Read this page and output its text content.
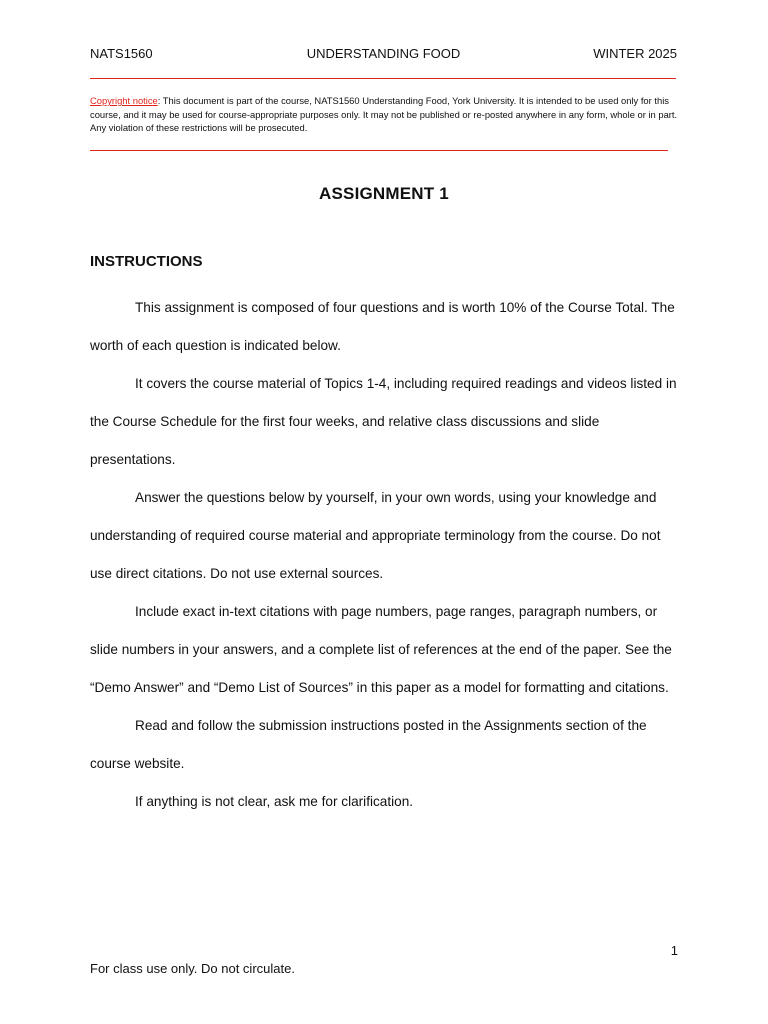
NATS1560	UNDERSTANDING FOOD	WINTER 2025
Copyright notice: This document is part of the course, NATS1560 Understanding Food, York University. It is intended to be used only for this course, and it may be used for course-appropriate purposes only. It may not be published or re-posted anywhere in any form, whole or in part. Any violation of these restrictions will be prosecuted.
ASSIGNMENT 1
INSTRUCTIONS

This assignment is composed of four questions and is worth 10% of the Course Total. The worth of each question is indicated below.

It covers the course material of Topics 1-4, including required readings and videos listed in the Course Schedule for the first four weeks, and relative class discussions and slide presentations.

Answer the questions below by yourself, in your own words, using your knowledge and understanding of required course material and appropriate terminology from the course. Do not use direct citations. Do not use external sources.

Include exact in-text citations with page numbers, page ranges, paragraph numbers, or slide numbers in your answers, and a complete list of references at the end of the paper. See the “Demo Answer” and “Demo List of Sources” in this paper as a model for formatting and citations.

Read and follow the submission instructions posted in the Assignments section of the course website.

If anything is not clear, ask me for clarification.

1
For class use only. Do not circulate.
